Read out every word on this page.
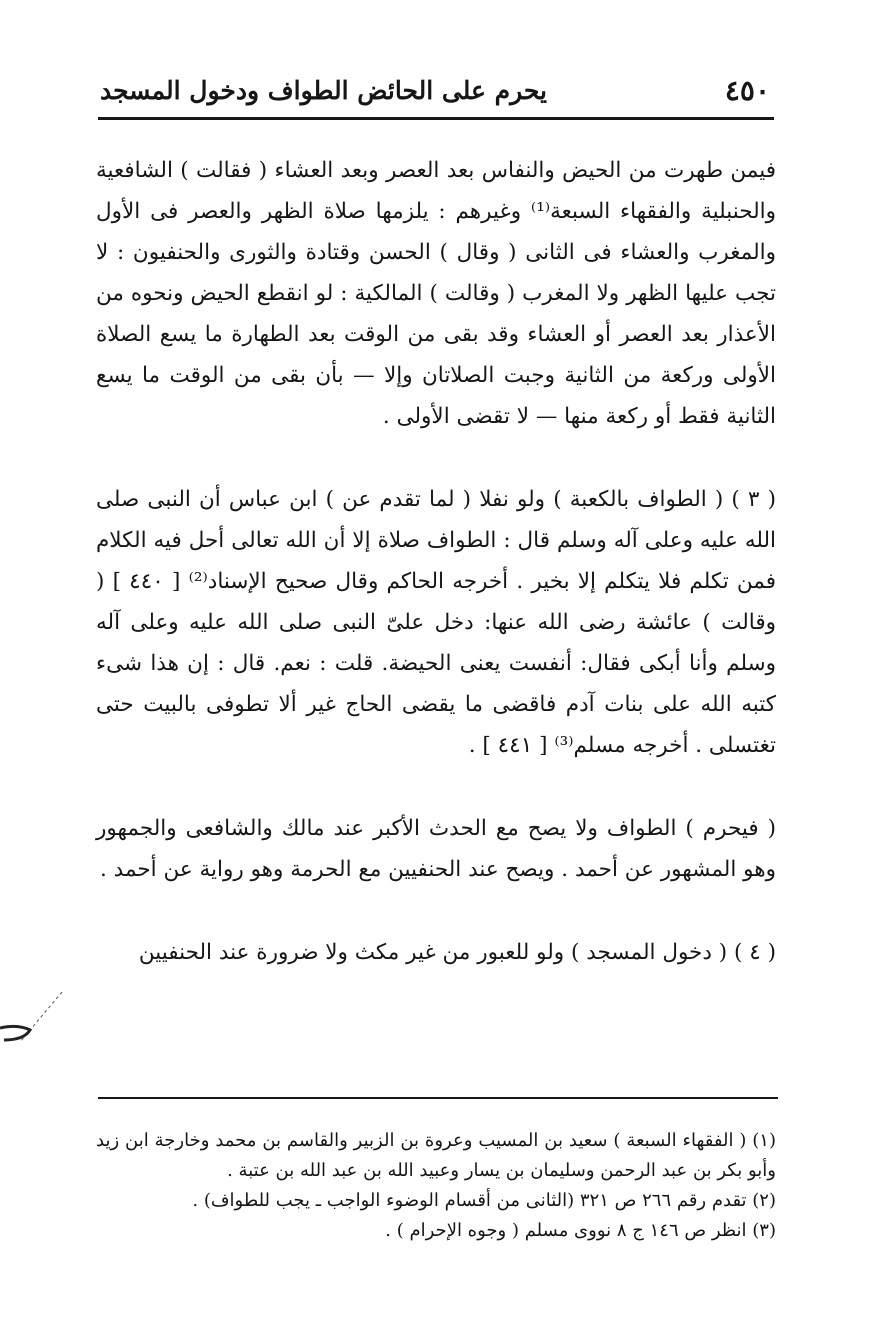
٤٥٠
يحرم على الحائض الطواف ودخول المسجد

فيمن طهرت من الحيض والنفاس بعد العصر وبعد العشاء ( فقالت ) الشافعية والحنبلية والفقهاء السبعة⁽¹⁾ وغيرهم : يلزمها صلاة الظهر والعصر فى الأول والمغرب والعشاء فى الثانى ( وقال ) الحسن وقتادة والثورى والحنفيون : لا تجب عليها الظهر ولا المغرب ( وقالت ) المالكية : لو انقطع الحيض ونحوه من الأعذار بعد العصر أو العشاء وقد بقى من الوقت بعد الطهارة ما يسع الصلاة الأولى وركعة من الثانية وجبت الصلاتان وإلا — بأن بقى من الوقت ما يسع الثانية فقط أو ركعة منها — لا تقضى الأولى .

( ٣ ) ( الطواف بالكعبة ) ولو نفلا ( لما تقدم عن ) ابن عباس أن النبى صلى الله عليه وعلى آله وسلم قال : الطواف صلاة إلا أن الله تعالى أحل فيه الكلام فمن تكلم فلا يتكلم إلا بخير . أخرجه الحاكم وقال صحيح الإسناد⁽²⁾ [ ٤٤٠ ] ( وقالت ) عائشة رضى الله عنها: دخل علىّ النبى صلى الله عليه وعلى آله وسلم وأنا أبكى فقال: أنفست يعنى الحيضة. قلت : نعم. قال : إن هذا شىء كتبه الله على بنات آدم فاقضى ما يقضى الحاج غير ألا تطوفى بالبيت حتى تغتسلى . أخرجه مسلم⁽³⁾ [ ٤٤١ ] .

( فيحرم ) الطواف ولا يصح مع الحدث الأكبر عند مالك والشافعى والجمهور وهو المشهور عن أحمد . ويصح عند الحنفيين مع الحرمة وهو رواية عن أحمد .

( ٤ ) ( دخول المسجد ) ولو للعبور من غير مكث ولا ضرورة عند الحنفيين

(١) ( الفقهاء السبعة ) سعيد بن المسيب وعروة بن الزبير والقاسم بن محمد وخارجة ابن زيد وأبو بكر بن عبد الرحمن وسليمان بن يسار وعبيد الله بن عبد الله بن عتبة .

(٢) تقدم رقم ٢٦٦ ص ٣٢١ (الثانى من أقسام الوضوء الواجب ـ يجب للطواف) .

(٣) انظر ص ١٤٦ ج ٨ نووى مسلم ( وجوه الإحرام ) .
